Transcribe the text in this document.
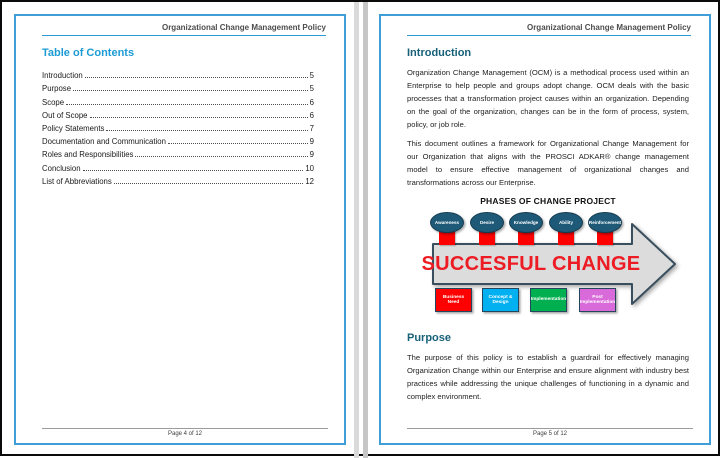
Organizational Change Management Policy
Table of Contents
Introduction	5
Purpose	5
Scope	6
Out of Scope	6
Policy Statements	7
Documentation and Communication	9
Roles and Responsibilities	9
Conclusion	10
List of Abbreviations	12
Page 4 of 12
Organizational Change Management Policy
Introduction

Organization Change Management (OCM) is a methodical process used within an Enterprise to help people and groups adopt change. OCM deals with the basic processes that a transformation project causes within an organization. Depending on the goal of the organization, changes can be in the form of process, system, policy, or job role.

This document outlines a framework for Organizational Change Management for our Organization that aligns with the PROSCI ADKAR® change management model to ensure effective management of organizational changes and transformations across our Enterprise.

PHASES OF CHANGE PROJECT
SUCCESFUL CHANGE
Awareness	Desire	Knowledge	Ability	Reinforcement
Business Need
Concept & Design
Implementation
Post Implementation
Purpose

The purpose of this policy is to establish a guardrail for effectively managing Organization Change within our Enterprise and ensure alignment with industry best practices while addressing the unique challenges of functioning in a dynamic and complex environment.

Page 5 of 12
